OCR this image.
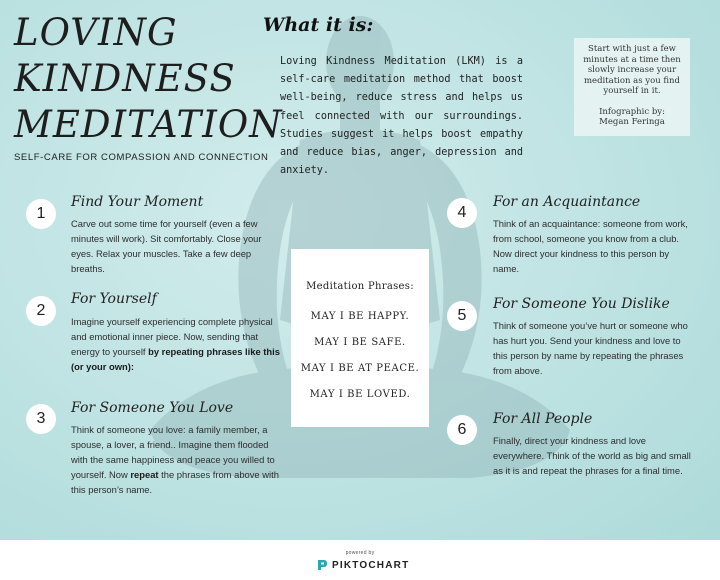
LOVING
KINDNESS
MEDITATION
SELF-CARE FOR COMPASSION AND CONNECTION
What it is:

Loving Kindness Meditation (LKM) is a self-care meditation method that boost well-being, reduce stress and helps us feel connected with our surroundings. Studies suggest it helps boost empathy and reduce bias, anger, depression and anxiety.

Start with just a few minutes at a time then slowly increase your meditation as you find yourself in it.
Infographic by:
Megan Feringa
Meditation Phrases:
MAY I BE HAPPY.
MAY I BE SAFE.
MAY I BE AT PEACE.
MAY I BE LOVED.
1
Find Your Moment

Carve out some time for yourself (even a few minutes will work). Sit comfortably. Close your eyes. Relax your muscles. Take a few deep breaths.

2
For Yourself

Imagine yourself experiencing complete physical and emotional inner piece. Now, sending that energy to yourself by repeating phrases like this (or your own):

3
For Someone You Love

Think of someone you love: a family member, a spouse, a lover, a friend.. Imagine them flooded with the same happiness and peace you willed to yourself. Now repeat the phrases from above with this person’s name.

4
For an Acquaintance

Think of an acquaintance: someone from work, from school, someone you know from a club. Now direct your kindness to this person by name.

5
For Someone You Dislike

Think of someone you’ve hurt or someone who has hurt you. Send your kindness and love to this person by name by repeating the phrases from above.

6
For All People

Finally, direct your kindness and love everywhere. Think of the world as big and small as it is and repeat the phrases for a final time.

powered by
PIKTOCHART
